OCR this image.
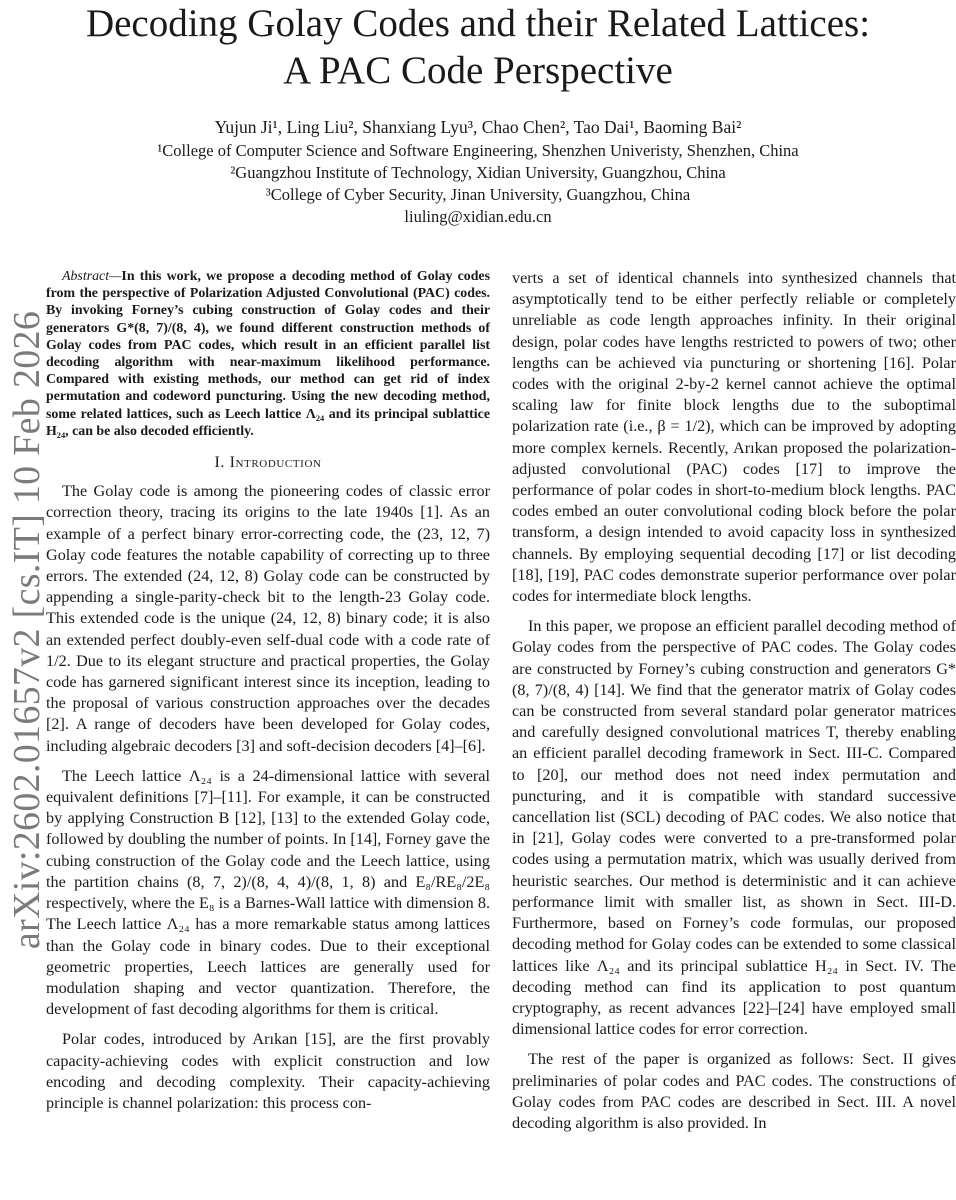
Decoding Golay Codes and their Related Lattices:
A PAC Code Perspective
Yujun Ji¹, Ling Liu², Shanxiang Lyu³, Chao Chen², Tao Dai¹, Baoming Bai²
¹College of Computer Science and Software Engineering, Shenzhen Univeristy, Shenzhen, China
²Guangzhou Institute of Technology, Xidian University, Guangzhou, China
³College of Cyber Security, Jinan University, Guangzhou, China
liuling@xidian.edu.cn
arXiv:2602.01657v2 [cs.IT] 10 Feb 2026

Abstract—In this work, we propose a decoding method of Golay codes from the perspective of Polarization Adjusted Convolutional (PAC) codes. By invoking Forney’s cubing construction of Golay codes and their generators G*(8, 7)/(8, 4), we found different construction methods of Golay codes from PAC codes, which result in an efficient parallel list decoding algorithm with near-maximum likelihood performance. Compared with existing methods, our method can get rid of index permutation and codeword puncturing. Using the new decoding method, some related lattices, such as Leech lattice Λ₂₄ and its principal sublattice H₂₄, can be also decoded efficiently.

I. Introduction

The Golay code is among the pioneering codes of classic error correction theory, tracing its origins to the late 1940s [1]. As an example of a perfect binary error-correcting code, the (23, 12, 7) Golay code features the notable capability of correcting up to three errors. The extended (24, 12, 8) Golay code can be constructed by appending a single-parity-check bit to the length-23 Golay code. This extended code is the unique (24, 12, 8) binary code; it is also an extended perfect doubly-even self-dual code with a code rate of 1/2. Due to its elegant structure and practical properties, the Golay code has garnered significant interest since its inception, leading to the proposal of various construction approaches over the decades [2]. A range of decoders have been developed for Golay codes, including algebraic decoders [3] and soft-decision decoders [4]–[6].

The Leech lattice Λ₂₄ is a 24-dimensional lattice with several equivalent definitions [7]–[11]. For example, it can be constructed by applying Construction B [12], [13] to the extended Golay code, followed by doubling the number of points. In [14], Forney gave the cubing construction of the Golay code and the Leech lattice, using the partition chains (8, 7, 2)/(8, 4, 4)/(8, 1, 8) and E₈/RE₈/2E₈ respectively, where the E₈ is a Barnes-Wall lattice with dimension 8. The Leech lattice Λ₂₄ has a more remarkable status among lattices than the Golay code in binary codes. Due to their exceptional geometric properties, Leech lattices are generally used for modulation shaping and vector quantization. Therefore, the development of fast decoding algorithms for them is critical.

Polar codes, introduced by Arıkan [15], are the first provably capacity-achieving codes with explicit construction and low encoding and decoding complexity. Their capacity-achieving principle is channel polarization: this process con-

verts a set of identical channels into synthesized channels that asymptotically tend to be either perfectly reliable or completely unreliable as code length approaches infinity. In their original design, polar codes have lengths restricted to powers of two; other lengths can be achieved via puncturing or shortening [16]. Polar codes with the original 2-by-2 kernel cannot achieve the optimal scaling law for finite block lengths due to the suboptimal polarization rate (i.e., β = 1/2), which can be improved by adopting more complex kernels. Recently, Arıkan proposed the polarization-adjusted convolutional (PAC) codes [17] to improve the performance of polar codes in short-to-medium block lengths. PAC codes embed an outer convolutional coding block before the polar transform, a design intended to avoid capacity loss in synthesized channels. By employing sequential decoding [17] or list decoding [18], [19], PAC codes demonstrate superior performance over polar codes for intermediate block lengths.

In this paper, we propose an efficient parallel decoding method of Golay codes from the perspective of PAC codes. The Golay codes are constructed by Forney’s cubing construction and generators G*(8, 7)/(8, 4) [14]. We find that the generator matrix of Golay codes can be constructed from several standard polar generator matrices and carefully designed convolutional matrices T, thereby enabling an efficient parallel decoding framework in Sect. III-C. Compared to [20], our method does not need index permutation and puncturing, and it is compatible with standard successive cancellation list (SCL) decoding of PAC codes. We also notice that in [21], Golay codes were converted to a pre-transformed polar codes using a permutation matrix, which was usually derived from heuristic searches. Our method is deterministic and it can achieve performance limit with smaller list, as shown in Sect. III-D. Furthermore, based on Forney’s code formulas, our proposed decoding method for Golay codes can be extended to some classical lattices like Λ₂₄ and its principal sublattice H₂₄ in Sect. IV. The decoding method can find its application to post quantum cryptography, as recent advances [22]–[24] have employed small dimensional lattice codes for error correction.

The rest of the paper is organized as follows: Sect. II gives preliminaries of polar codes and PAC codes. The constructions of Golay codes from PAC codes are described in Sect. III. A novel decoding algorithm is also provided. In
